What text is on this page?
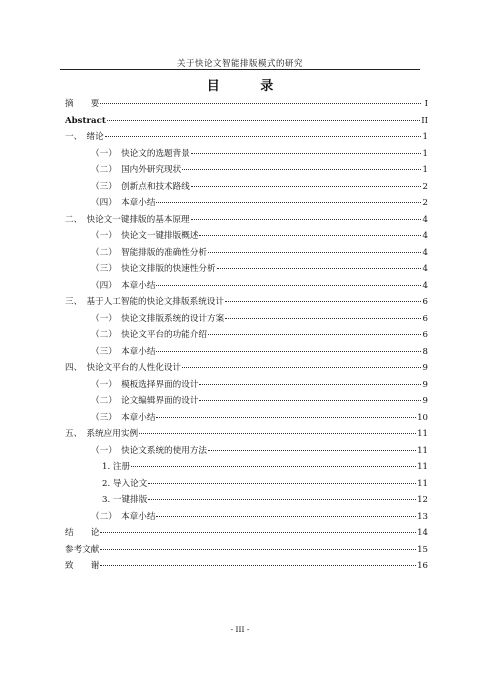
关于快论文智能排版模式的研究
目 录
摘　　要	I
Abstract	II
一、　绪论	1
（一）　快论文的选题背景	1
（二）　国内外研究现状	1
（三）　创新点和技术路线	2
（四）　本章小结	2
二、　快论文一键排版的基本原理	4
（一）　快论文一键排版概述	4
（二）　智能排版的准确性分析	4
（三）　快论文排版的快速性分析	4
（四）　本章小结	4
三、　基于人工智能的快论文排版系统设计	6
（一）　快论文排版系统的设计方案	6
（二）　快论文平台的功能介绍	6
（三）　本章小结	8
四、　快论文平台的人性化设计	9
（一）　模板选择界面的设计	9
（二）　论文编辑界面的设计	9
（三）　本章小结	10
五、　系统应用实例	11
（一）　快论文系统的使用方法	11
1. 注册	11
2. 导入论文	11
3. 一键排版	12
（二）　本章小结	13
结　　论	14
参考文献	15
致　　谢	16
- III -
